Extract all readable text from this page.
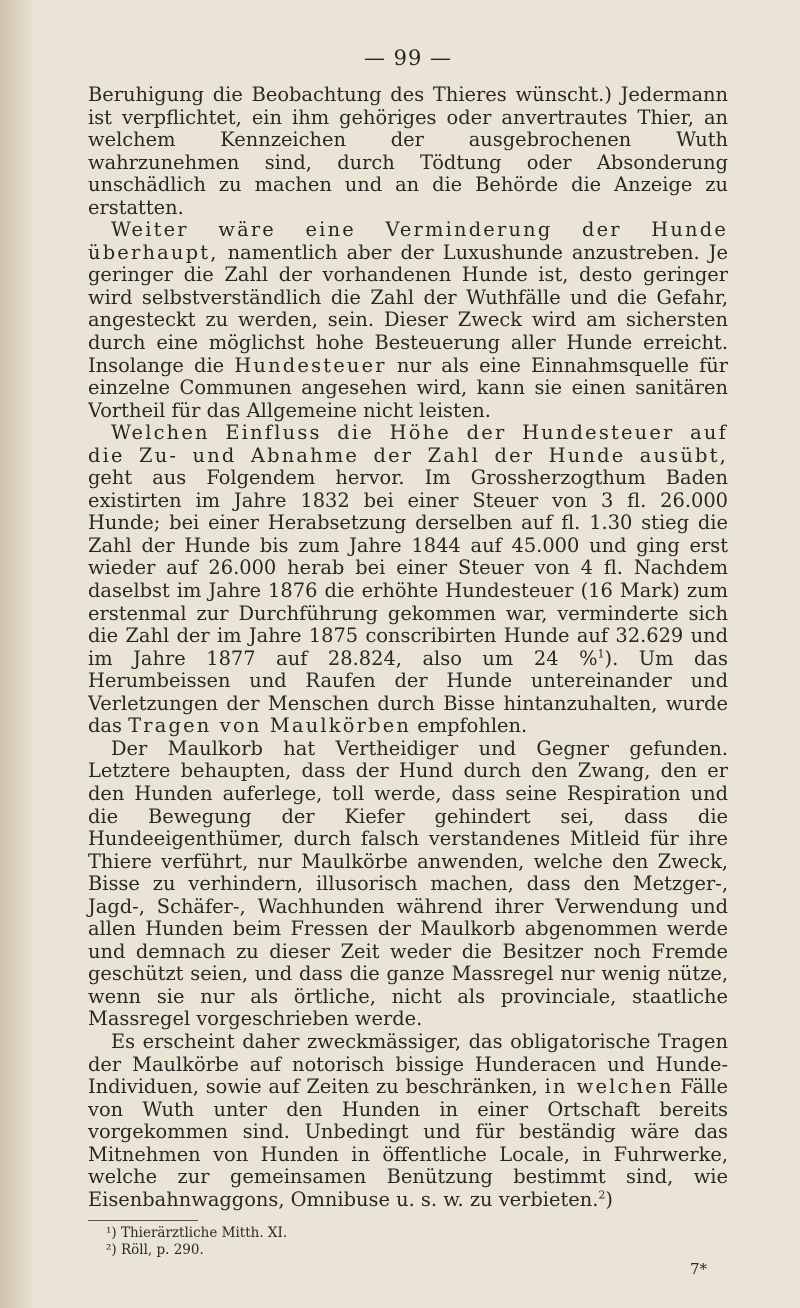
— 99 —

Beruhigung die Beobachtung des Thieres wünscht.) Jedermann ist verpflichtet, ein ihm gehöriges oder anvertrautes Thier, an welchem Kennzeichen der ausgebrochenen Wuth wahrzunehmen sind, durch Tödtung oder Absonderung unschädlich zu machen und an die Behörde die Anzeige zu erstatten.

Weiter wäre eine Verminderung der Hunde überhaupt, namentlich aber der Luxushunde anzustreben. Je geringer die Zahl der vorhandenen Hunde ist, desto geringer wird selbstverständlich die Zahl der Wuthfälle und die Gefahr, angesteckt zu werden, sein. Dieser Zweck wird am sichersten durch eine möglichst hohe Besteuerung aller Hunde erreicht. Insolange die Hundesteuer nur als eine Einnahmsquelle für einzelne Communen angesehen wird, kann sie einen sanitären Vortheil für das Allgemeine nicht leisten.

Welchen Einfluss die Höhe der Hundesteuer auf die Zu- und Abnahme der Zahl der Hunde ausübt, geht aus Folgendem hervor. Im Grossherzogthum Baden existirten im Jahre 1832 bei einer Steuer von 3 fl. 26.000 Hunde; bei einer Herabsetzung derselben auf fl. 1.30 stieg die Zahl der Hunde bis zum Jahre 1844 auf 45.000 und ging erst wieder auf 26.000 herab bei einer Steuer von 4 fl. Nachdem daselbst im Jahre 1876 die erhöhte Hundesteuer (16 Mark) zum erstenmal zur Durchführung gekommen war, verminderte sich die Zahl der im Jahre 1875 conscribirten Hunde auf 32.629 und im Jahre 1877 auf 28.824, also um 24 %$^1$). Um das Herumbeissen und Raufen der Hunde untereinander und Verletzungen der Menschen durch Bisse hintanzuhalten, wurde das Tragen von Maulkörben empfohlen.

Der Maulkorb hat Vertheidiger und Gegner gefunden. Letztere behaupten, dass der Hund durch den Zwang, den er den Hunden auferlege, toll werde, dass seine Respiration und die Bewegung der Kiefer gehindert sei, dass die Hundeeigenthümer, durch falsch verstandenes Mitleid für ihre Thiere verführt, nur Maulkörbe anwenden, welche den Zweck, Bisse zu verhindern, illusorisch machen, dass den Metzger-, Jagd-, Schäfer-, Wachhunden während ihrer Verwendung und allen Hunden beim Fressen der Maulkorb abgenommen werde und demnach zu dieser Zeit weder die Besitzer noch Fremde geschützt seien, und dass die ganze Massregel nur wenig nütze, wenn sie nur als örtliche, nicht als provinciale, staatliche Massregel vorgeschrieben werde.

Es erscheint daher zweckmässiger, das obligatorische Tragen der Maulkörbe auf notorisch bissige Hunderacen und Hunde-Individuen, sowie auf Zeiten zu beschränken, in welchen Fälle von Wuth unter den Hunden in einer Ortschaft bereits vorgekommen sind. Unbedingt und für beständig wäre das Mitnehmen von Hunden in öffentliche Locale, in Fuhrwerke, welche zur gemeinsamen Benützung bestimmt sind, wie Eisenbahnwaggons, Omnibuse u. s. w. zu verbieten.$^2$)

¹) Thierärztliche Mitth. XI.
²) Röll, p. 290.
7*
